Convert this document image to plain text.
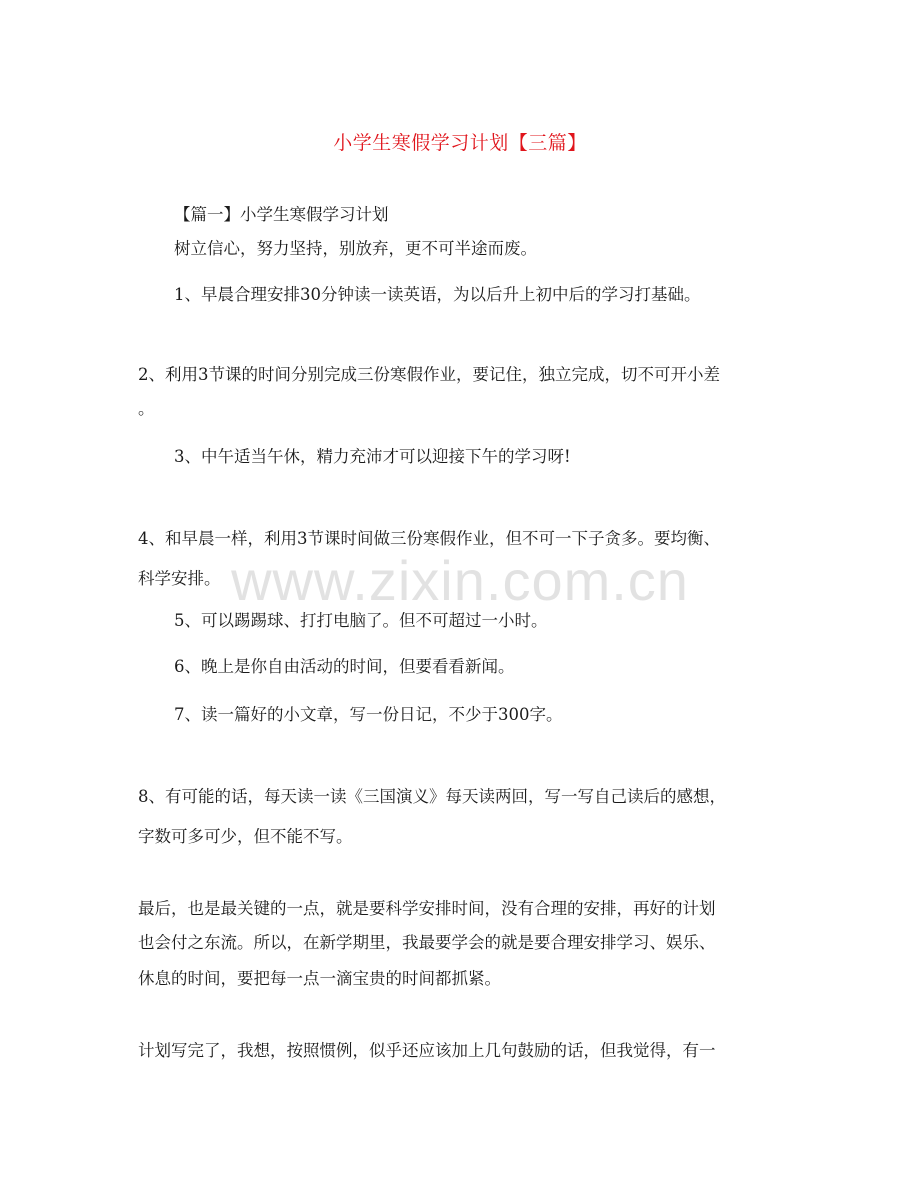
小学生寒假学习计划【三篇】
【篇一】小学生寒假学习计划
树立信心，努力坚持，别放弃，更不可半途而废。
1、早晨合理安排30分钟读一读英语，为以后升上初中后的学习打基础。
2、利用3节课的时间分别完成三份寒假作业，要记住，独立完成，切不可开小差
。
3、中午适当午休，精力充沛才可以迎接下午的学习呀!
4、和早晨一样，利用3节课时间做三份寒假作业，但不可一下子贪多。要均衡、
科学安排。
5、可以踢踢球、打打电脑了。但不可超过一小时。
6、晚上是你自由活动的时间，但要看看新闻。
7、读一篇好的小文章，写一份日记，不少于300字。
8、有可能的话，每天读一读《三国演义》每天读两回，写一写自己读后的感想，
字数可多可少，但不能不写。
最后，也是最关键的一点，就是要科学安排时间，没有合理的安排，再好的计划
也会付之东流。所以，在新学期里，我最要学会的就是要合理安排学习、娱乐、
休息的时间，要把每一点一滴宝贵的时间都抓紧。
计划写完了，我想，按照惯例，似乎还应该加上几句鼓励的话，但我觉得，有一
www.zixin.com.cn
